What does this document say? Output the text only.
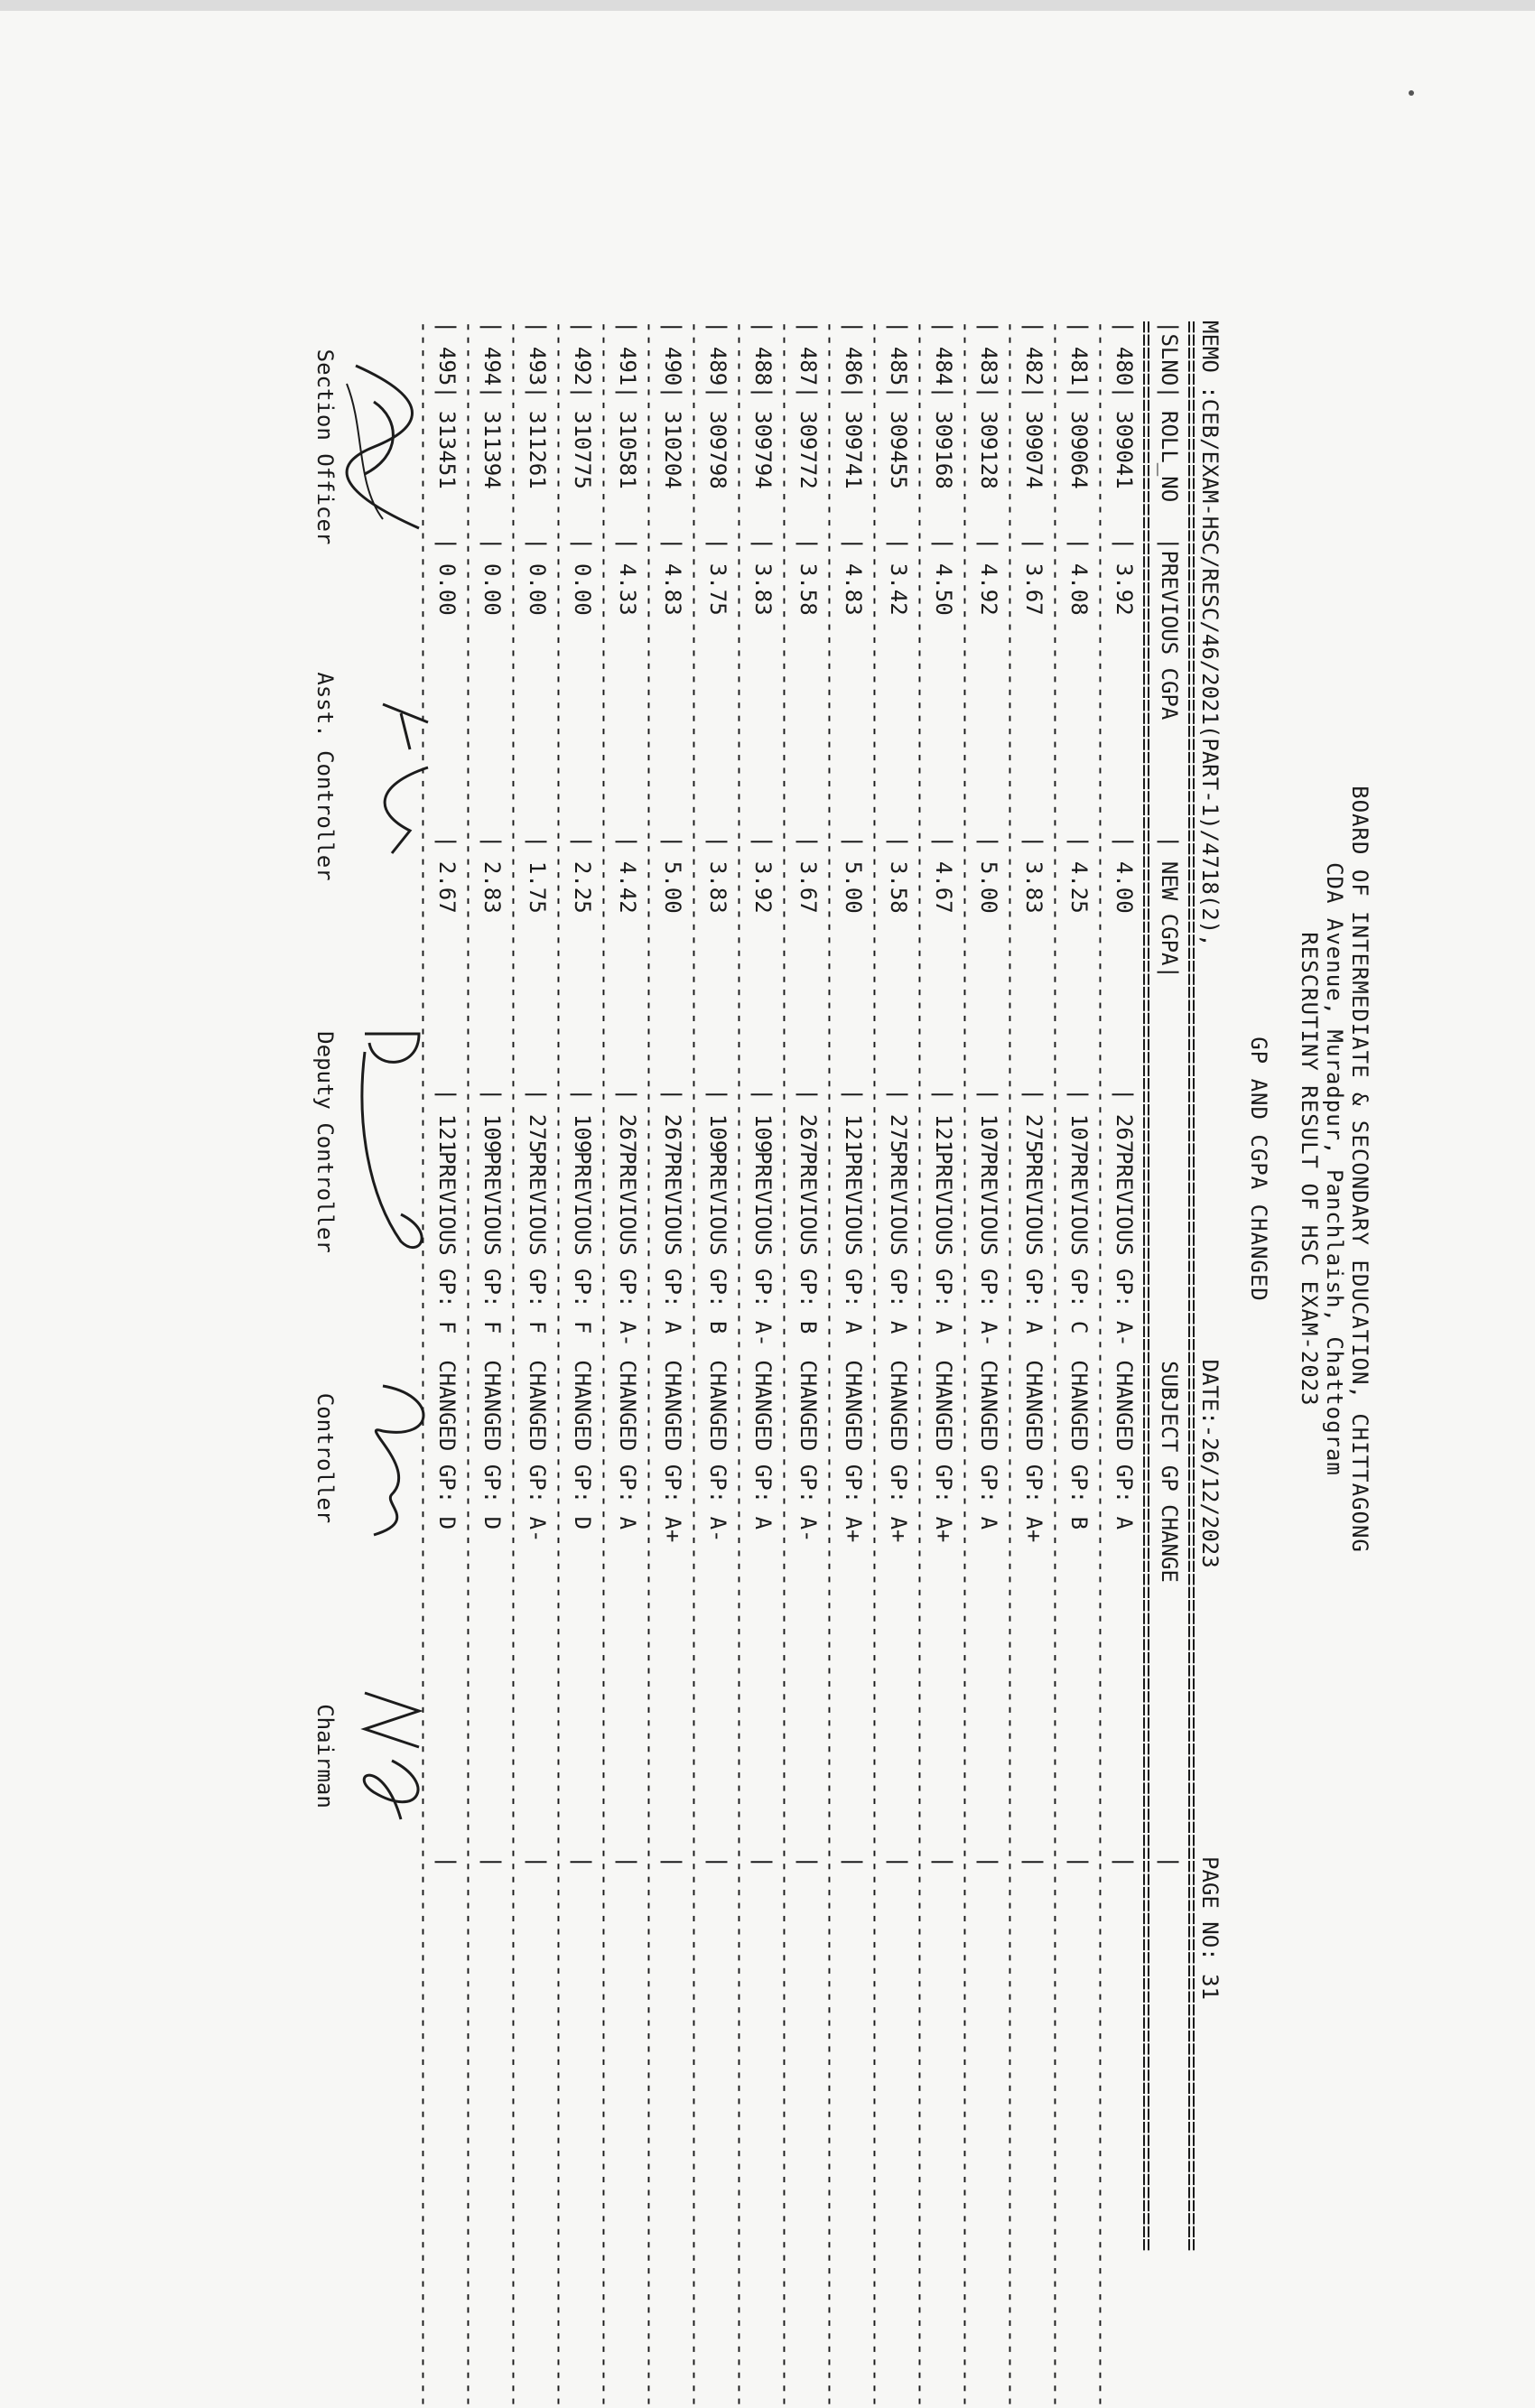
BOARD OF INTERMEDIATE & SECONDARY EDUCATION, CHITTAGONG
CDA Avenue, Muradpur, Panchlaish, Chattogram
RESCRUTINY RESULT OF HSC EXAM-2023
GP AND CGPA CHANGED
MEMO :CEB/EXAM-HSC/RESC/46/2021(PART-1)/4718(2),
DATE:-26/12/2023
PAGE NO: 31
====================================================================================================================================================
|SLNO|
ROLL_NO
|PREVIOUS CGPA
| NEW CGPA|
SUBJECT GP CHANGE
|
====================================================================================================================================================
| 480|
309041
| 3.92
| 4.00
| 267
PREVIOUS GP: A- CHANGED GP: A
|
----------------------------------------------------------------------------------------------------------------------------------------------------------------
| 481|
309064
| 4.08
| 4.25
| 107
PREVIOUS GP: C  CHANGED GP: B
|
----------------------------------------------------------------------------------------------------------------------------------------------------------------
| 482|
309074
| 3.67
| 3.83
| 275
PREVIOUS GP: A  CHANGED GP: A+
|
----------------------------------------------------------------------------------------------------------------------------------------------------------------
| 483|
309128
| 4.92
| 5.00
| 107
PREVIOUS GP: A- CHANGED GP: A
|
----------------------------------------------------------------------------------------------------------------------------------------------------------------
| 484|
309168
| 4.50
| 4.67
| 121
PREVIOUS GP: A  CHANGED GP: A+
|
----------------------------------------------------------------------------------------------------------------------------------------------------------------
| 485|
309455
| 3.42
| 3.58
| 275
PREVIOUS GP: A  CHANGED GP: A+
|
----------------------------------------------------------------------------------------------------------------------------------------------------------------
| 486|
309741
| 4.83
| 5.00
| 121
PREVIOUS GP: A  CHANGED GP: A+
|
----------------------------------------------------------------------------------------------------------------------------------------------------------------
| 487|
309772
| 3.58
| 3.67
| 267
PREVIOUS GP: B  CHANGED GP: A-
|
----------------------------------------------------------------------------------------------------------------------------------------------------------------
| 488|
309794
| 3.83
| 3.92
| 109
PREVIOUS GP: A- CHANGED GP: A
|
----------------------------------------------------------------------------------------------------------------------------------------------------------------
| 489|
309798
| 3.75
| 3.83
| 109
PREVIOUS GP: B  CHANGED GP: A-
|
----------------------------------------------------------------------------------------------------------------------------------------------------------------
| 490|
310204
| 4.83
| 5.00
| 267
PREVIOUS GP: A  CHANGED GP: A+
|
----------------------------------------------------------------------------------------------------------------------------------------------------------------
| 491|
310581
| 4.33
| 4.42
| 267
PREVIOUS GP: A- CHANGED GP: A
|
----------------------------------------------------------------------------------------------------------------------------------------------------------------
| 492|
310775
| 0.00
| 2.25
| 109
PREVIOUS GP: F  CHANGED GP: D
|
----------------------------------------------------------------------------------------------------------------------------------------------------------------
| 493|
311261
| 0.00
| 1.75
| 275
PREVIOUS GP: F  CHANGED GP: A-
|
----------------------------------------------------------------------------------------------------------------------------------------------------------------
| 494|
311394
| 0.00
| 2.83
| 109
PREVIOUS GP: F  CHANGED GP: D
|
----------------------------------------------------------------------------------------------------------------------------------------------------------------
| 495|
313451
| 0.00
| 2.67
| 121
PREVIOUS GP: F  CHANGED GP: D
|
----------------------------------------------------------------------------------------------------------------------------------------------------------------
Section Officer
Asst. Controller
Deputy Controller
Controller
Chairman
